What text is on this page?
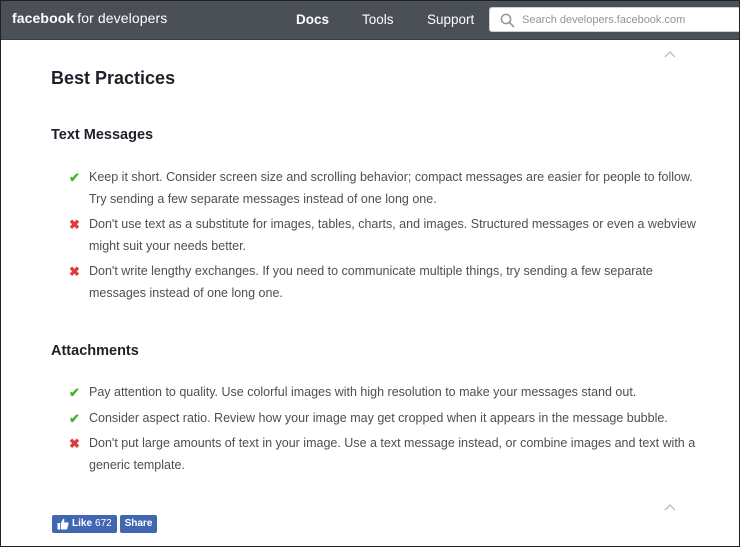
facebook for developers	Docs Tools Support
Search developers.facebook.com
Best Practices
Text Messages
✔ Keep it short. Consider screen size and scrolling behavior; compact messages are easier for people to follow. Try sending a few separate messages instead of one long one.
✖ Don't use text as a substitute for images, tables, charts, and images. Structured messages or even a webview might suit your needs better.
✖ Don't write lengthy exchanges. If you need to communicate multiple things, try sending a few separate messages instead of one long one.
Attachments
✔ Pay attention to quality. Use colorful images with high resolution to make your messages stand out.
✔ Consider aspect ratio. Review how your image may get cropped when it appears in the message bubble.
✖ Don't put large amounts of text in your image. Use a text message instead, or combine images and text with a generic template.
Like 672	Share
